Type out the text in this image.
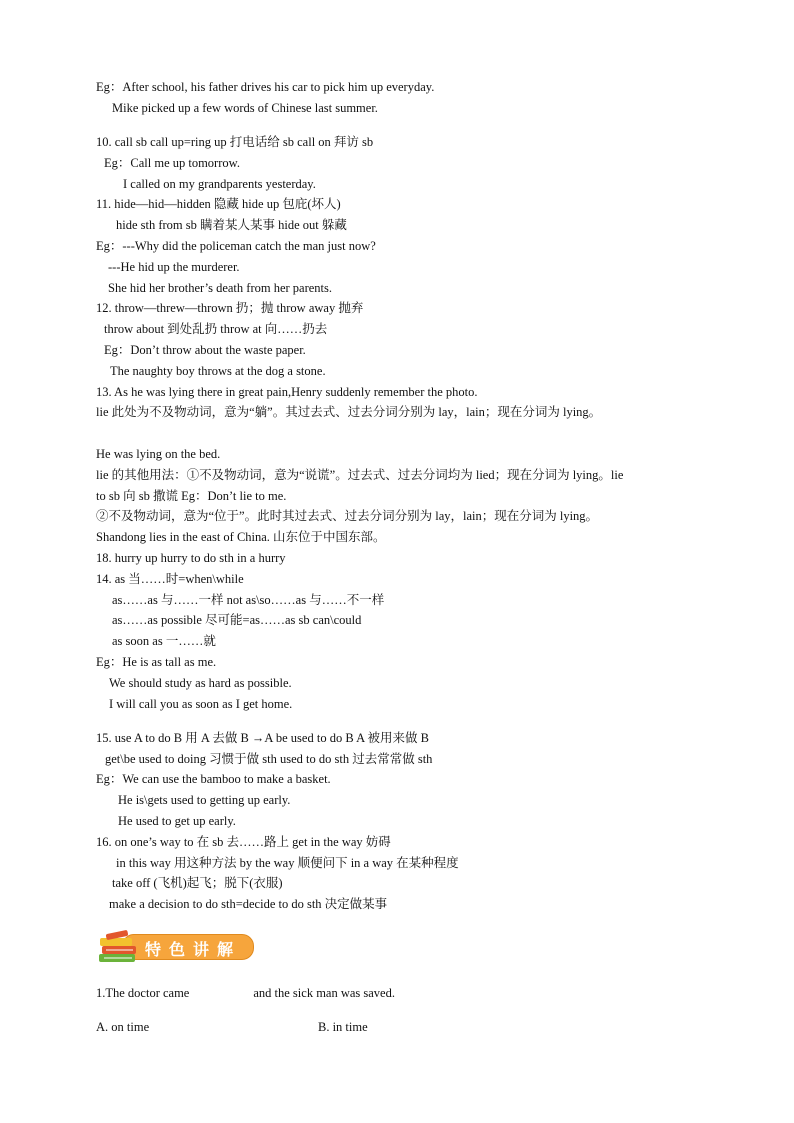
Eg：After school, his father drives his car to pick him up everyday.
Mike picked up a few words of Chinese last summer.
10. call sb call up=ring up 打电话给 sb call on 拜访 sb
Eg：Call me up tomorrow.
I called on my grandparents yesterday.
11. hide—hid—hidden 隐藏 hide up 包庇(坏人)
hide sth from sb 瞒着某人某事 hide out 躲藏
Eg：---Why did the policeman catch the man just now?
---He hid up the murderer.
She hid her brother’s death from her parents.
12. throw—threw—thrown 扔；抛 throw away 抛弃
throw about 到处乱扔 throw at 向……扔去
Eg：Don’t throw about the waste paper.
The naughty boy throws at the dog a stone.
13. As he was lying there in great pain,Henry suddenly remember the photo.
lie 此处为不及物动词，意为“躺”。其过去式、过去分词分别为 lay，lain；现在分词为 lying。
He was lying on the bed.
lie 的其他用法：①不及物动词，意为“说谎”。过去式、过去分词均为 lied；现在分词为 lying。lie
to sb 向 sb 撒谎 Eg：Don’t lie to me.
②不及物动词，意为“位于”。此时其过去式、过去分词分别为 lay，lain；现在分词为 lying。
Shandong lies in the east of China. 山东位于中国东部。
18. hurry up hurry to do sth in a hurry
14. as 当……时=when\while
as……as 与……一样 not as\so……as 与……不一样
as……as possible 尽可能=as……as sb can\could
as soon as 一……就
Eg：He is as tall as me.
We should study as hard as possible.
I will call you as soon as I get home.
15. use A to do B 用 A 去做 B →A be used to do B A 被用来做 B
get\be used to doing 习惯于做 sth used to do sth 过去常常做 sth
Eg：We can use the bamboo to make a basket.
He is\gets used to getting up early.
He used to get up early.
16. on one’s way to 在 sb 去……路上 get in the way 妨碍
in this way 用这种方法 by the way 顺便问下 in a way 在某种程度
take off (飞机)起飞；脱下(衣服)
make a decision to do sth=decide to do sth 决定做某事
特色讲解
1.The doctor came	and the sick man was saved.
A. on time	B. in time
